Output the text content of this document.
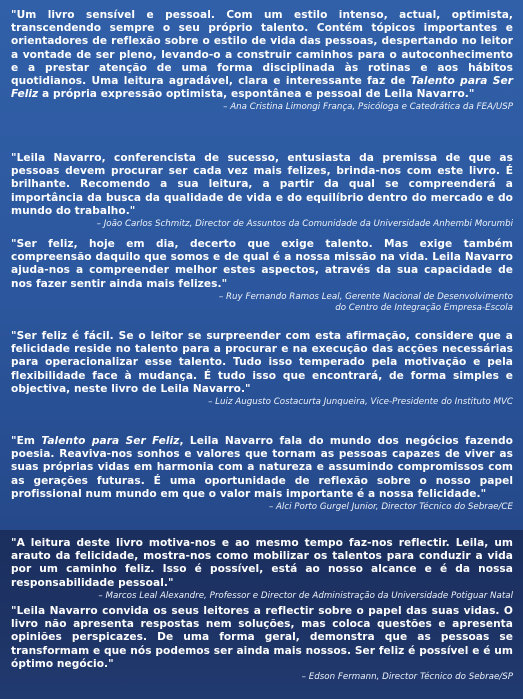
"Um livro sensível e pessoal. Com um estilo intenso, actual, optimista, transcendendo sempre o seu próprio talento. Contém tópicos importantes e orientadores de reflexão sobre o estilo de vida das pessoas, despertando no leitor a vontade de ser pleno, levando-o a construir caminhos para o autoconhecimento e a prestar atenção de uma forma disciplinada às rotinas e aos hábitos quotidianos. Uma leitura agradável, clara e interessante faz de Talento para Ser Feliz a própria expressão optimista, espontânea e pessoal de Leila Navarro."

– Ana Cristina Limongi França, Psicóloga e Catedrática da FEA/USP

"Leila Navarro, conferencista de sucesso, entusiasta da premissa de que as pessoas devem procurar ser cada vez mais felizes, brinda-nos com este livro. É brilhante. Recomendo a sua leitura, a partir da qual se compreenderá a importância da busca da qualidade de vida e do equilíbrio dentro do mercado e do mundo do trabalho."

– João Carlos Schmitz, Director de Assuntos da Comunidade da Universidade Anhembi Morumbi

"Ser feliz, hoje em dia, decerto que exige talento. Mas exige também compreensão daquilo que somos e de qual é a nossa missão na vida. Leila Navarro ajuda-nos a compreender melhor estes aspectos, através da sua capacidade de nos fazer sentir ainda mais felizes."

– Ruy Fernando Ramos Leal, Gerente Nacional de Desenvolvimento
do Centro de Integração Empresa-Escola

"Ser feliz é fácil. Se o leitor se surpreender com esta afirmação, considere que a felicidade reside no talento para a procurar e na execução das acções necessárias para operacionalizar esse talento. Tudo isso temperado pela motivação e pela flexibilidade face à mudança. É tudo isso que encontrará, de forma simples e objectiva, neste livro de Leila Navarro."

– Luiz Augusto Costacurta Junqueira, Vice-Presidente do Instituto MVC

"Em Talento para Ser Feliz, Leila Navarro fala do mundo dos negócios fazendo poesia. Reaviva-nos sonhos e valores que tornam as pessoas capazes de viver as suas próprias vidas em harmonia com a natureza e assumindo compromissos com as gerações futuras. É uma oportunidade de reflexão sobre o nosso papel profissional num mundo em que o valor mais importante é a nossa felicidade."

– Alci Porto Gurgel Junior, Director Técnico do Sebrae/CE

"A leitura deste livro motiva-nos e ao mesmo tempo faz-nos reflectir. Leila, um arauto da felicidade, mostra-nos como mobilizar os talentos para conduzir a vida por um caminho feliz. Isso é possível, está ao nosso alcance e é da nossa responsabilidade pessoal."

– Marcos Leal Alexandre, Professor e Director de Administração da Universidade Potiguar Natal

"Leila Navarro convida os seus leitores a reflectir sobre o papel das suas vidas. O livro não apresenta respostas nem soluções, mas coloca questões e apresenta opiniões perspicazes. De uma forma geral, demonstra que as pessoas se transformam e que nós podemos ser ainda mais nossos. Ser feliz é possível e é um óptimo negócio."

– Edson Fermann, Director Técnico do Sebrae/SP
